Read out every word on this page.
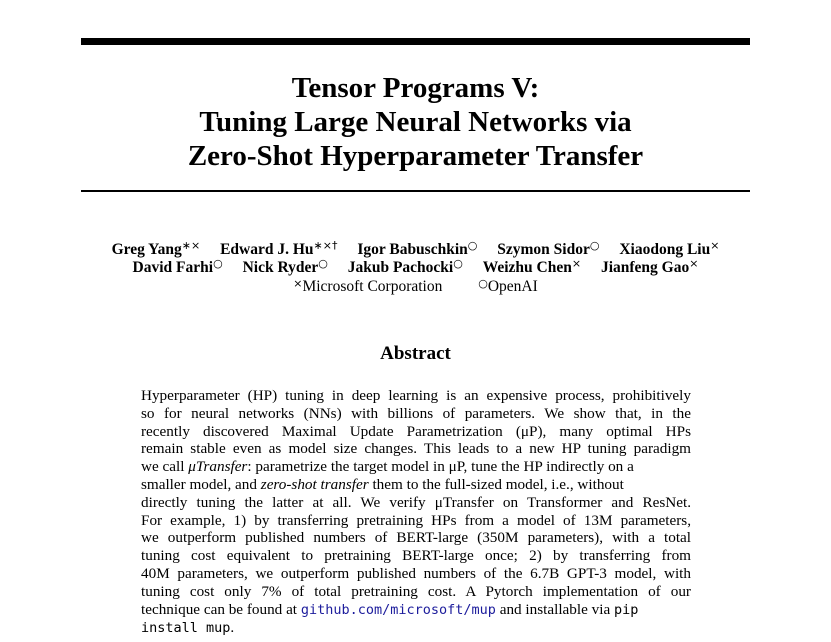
Tensor Programs V:
Tuning Large Neural Networks via
Zero-Shot Hyperparameter Transfer
Greg Yang∗× Edward J. Hu∗×† Igor Babuschkin○ Szymon Sidor○ Xiaodong Liu×
David Farhi○ Nick Ryder○ Jakub Pachocki○ Weizhu Chen× Jianfeng Gao×
×Microsoft Corporation	○OpenAI
Abstract
Hyperparameter (HP) tuning in deep learning is an expensive process, prohibitively
so for neural networks (NNs) with billions of parameters. We show that, in the
recently discovered Maximal Update Parametrization (μP), many optimal HPs
remain stable even as model size changes. This leads to a new HP tuning paradigm
we call μTransfer: parametrize the target model in μP, tune the HP indirectly on a
smaller model, and zero-shot transfer them to the full-sized model, i.e., without
directly tuning the latter at all. We verify μTransfer on Transformer and ResNet.
For example, 1) by transferring pretraining HPs from a model of 13M parameters,
we outperform published numbers of BERT-large (350M parameters), with a total
tuning cost equivalent to pretraining BERT-large once; 2) by transferring from
40M parameters, we outperform published numbers of the 6.7B GPT-3 model, with
tuning cost only 7% of total pretraining cost. A Pytorch implementation of our
technique can be found at github.com/microsoft/mup and installable via pip
install mup.
